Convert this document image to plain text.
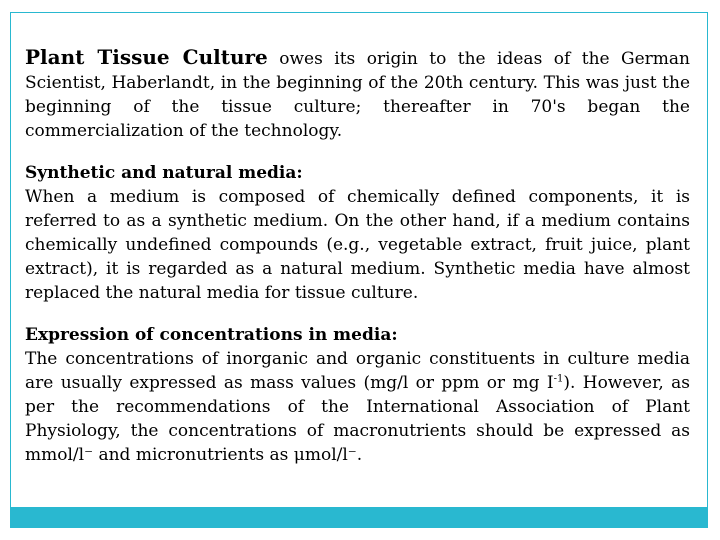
Plant Tissue Culture owes its origin to the ideas of the German Scientist, Haberlandt, in the beginning of the 20th century. This was just the beginning of the tissue culture; thereafter in 70's began the commercialization of the technology.

Synthetic and natural media:

When a medium is composed of chemically defined components, it is referred to as a synthetic medium. On the other hand, if a medium contains chemically undefined compounds (e.g., vegetable extract, fruit juice, plant extract), it is regarded as a natural medium. Synthetic media have almost replaced the natural media for tissue culture.

Expression of concentrations in media:

The concentrations of inorganic and organic constituents in culture media are usually expressed as mass values (mg/l or ppm or mg $I^{-1}$). However, as per the recommendations of the International Association of Plant Physiology, the concentrations of macronutrients should be expressed as mmol/l⁻ and micronutrients as μmol/l⁻.
